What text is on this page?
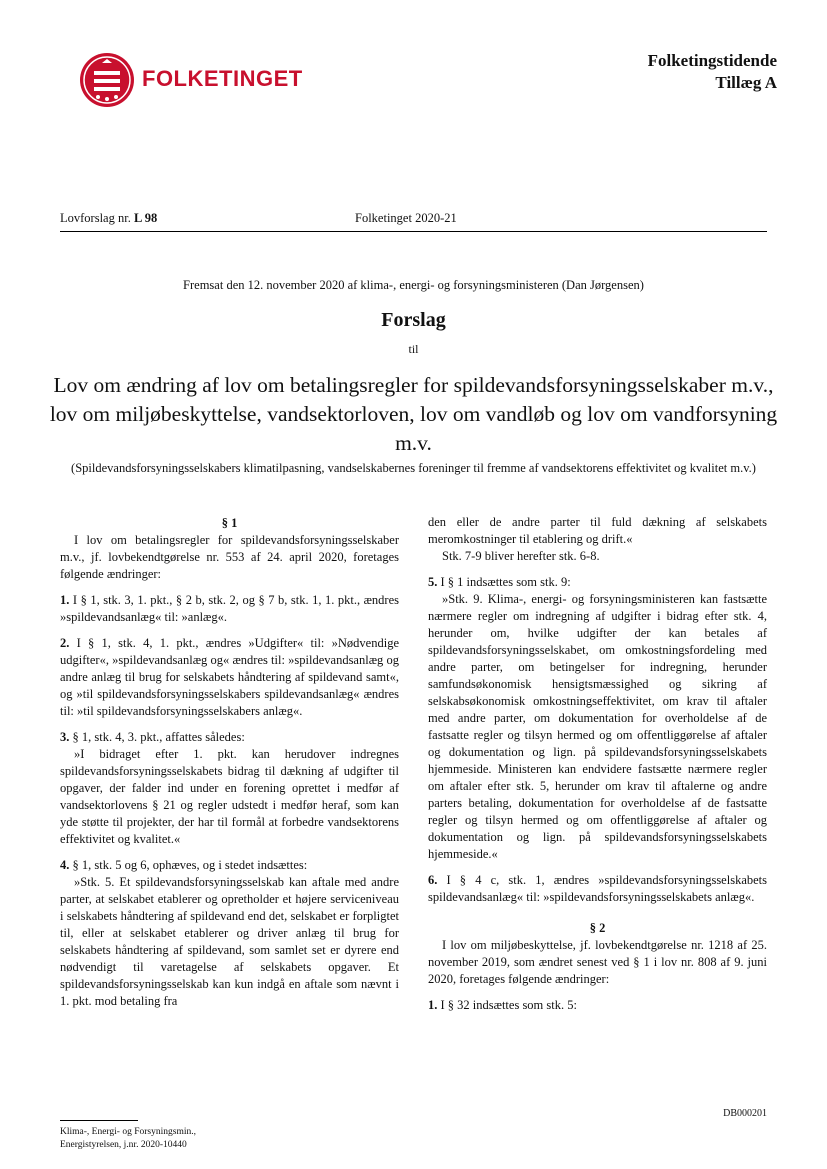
FOLKETINGET
Folketingstidende
Tillæg A
Lovforslag nr. L 98	Folketinget 2020-21
Fremsat den 12. november 2020 af klima-, energi- og forsyningsministeren (Dan Jørgensen)
Forslag
til
Lov om ændring af lov om betalingsregler for spildevandsforsyningsselskaber m.v., lov om miljøbeskyttelse, vandsektorloven, lov om vandløb og lov om vandforsyning m.v.
(Spildevandsforsyningsselskabers klimatilpasning, vandselskabernes foreninger til fremme af vandsektorens effektivitet og kvalitet m.v.)

§ 1

I lov om betalingsregler for spildevandsforsyningsselskaber m.v., jf. lovbekendtgørelse nr. 553 af 24. april 2020, foretages følgende ændringer:

1. I § 1, stk. 3, 1. pkt., § 2 b, stk. 2, og § 7 b, stk. 1, 1. pkt., ændres »spildevandsanlæg« til: »anlæg«.

2. I § 1, stk. 4, 1. pkt., ændres »Udgifter« til: »Nødvendige udgifter«, »spildevandsanlæg og« ændres til: »spildevandsanlæg og andre anlæg til brug for selskabets håndtering af spildevand samt«, og »til spildevandsforsyningsselskabers spildevandsanlæg« ændres til: »til spildevandsforsyningsselskabers anlæg«.

3. § 1, stk. 4, 3. pkt., affattes således:

»I bidraget efter 1. pkt. kan herudover indregnes spildevandsforsyningsselskabets bidrag til dækning af udgifter til opgaver, der falder ind under en forening oprettet i medfør af vandsektorlovens § 21 og regler udstedt i medfør heraf, som kan yde støtte til projekter, der har til formål at forbedre vandsektorens effektivitet og kvalitet.«

4. § 1, stk. 5 og 6, ophæves, og i stedet indsættes:

»Stk. 5. Et spildevandsforsyningsselskab kan aftale med andre parter, at selskabet etablerer og opretholder et højere serviceniveau i selskabets håndtering af spildevand end det, selskabet er forpligtet til, eller at selskabet etablerer og driver anlæg til brug for selskabets håndtering af spildevand, som samlet set er dyrere end nødvendigt til varetagelse af selskabets opgaver. Et spildevandsforsyningsselskab kan kun indgå en aftale som nævnt i 1. pkt. mod betaling fra

den eller de andre parter til fuld dækning af selskabets meromkostninger til etablering og drift.«

Stk. 7-9 bliver herefter stk. 6-8.

5. I § 1 indsættes som stk. 9:

»Stk. 9. Klima-, energi- og forsyningsministeren kan fastsætte nærmere regler om indregning af udgifter i bidrag efter stk. 4, herunder om, hvilke udgifter der kan betales af spildevandsforsyningsselskabet, om omkostningsfordeling med andre parter, om betingelser for indregning, herunder samfundsøkonomisk hensigtsmæssighed og sikring af selskabsøkonomisk omkostningseffektivitet, om krav til aftaler med andre parter, om dokumentation for overholdelse af de fastsatte regler og tilsyn hermed og om offentliggørelse af aftaler og dokumentation og lign. på spildevandsforsyningsselskabets hjemmeside. Ministeren kan endvidere fastsætte nærmere regler om aftaler efter stk. 5, herunder om krav til aftalerne og andre parters betaling, dokumentation for overholdelse af de fastsatte regler og tilsyn hermed og om offentliggørelse af aftaler og dokumentation og lign. på spildevandsforsyningsselskabets hjemmeside.«

6. I § 4 c, stk. 1, ændres »spildevandsforsyningsselskabets spildevandsanlæg« til: »spildevandsforsyningsselskabets anlæg«.

§ 2

I lov om miljøbeskyttelse, jf. lovbekendtgørelse nr. 1218 af 25. november 2019, som ændret senest ved § 1 i lov nr. 808 af 9. juni 2020, foretages følgende ændringer:

1. I § 32 indsættes som stk. 5:

DB000201
Klima-, Energi- og Forsyningsmin.,
Energistyrelsen, j.nr. 2020-10440
